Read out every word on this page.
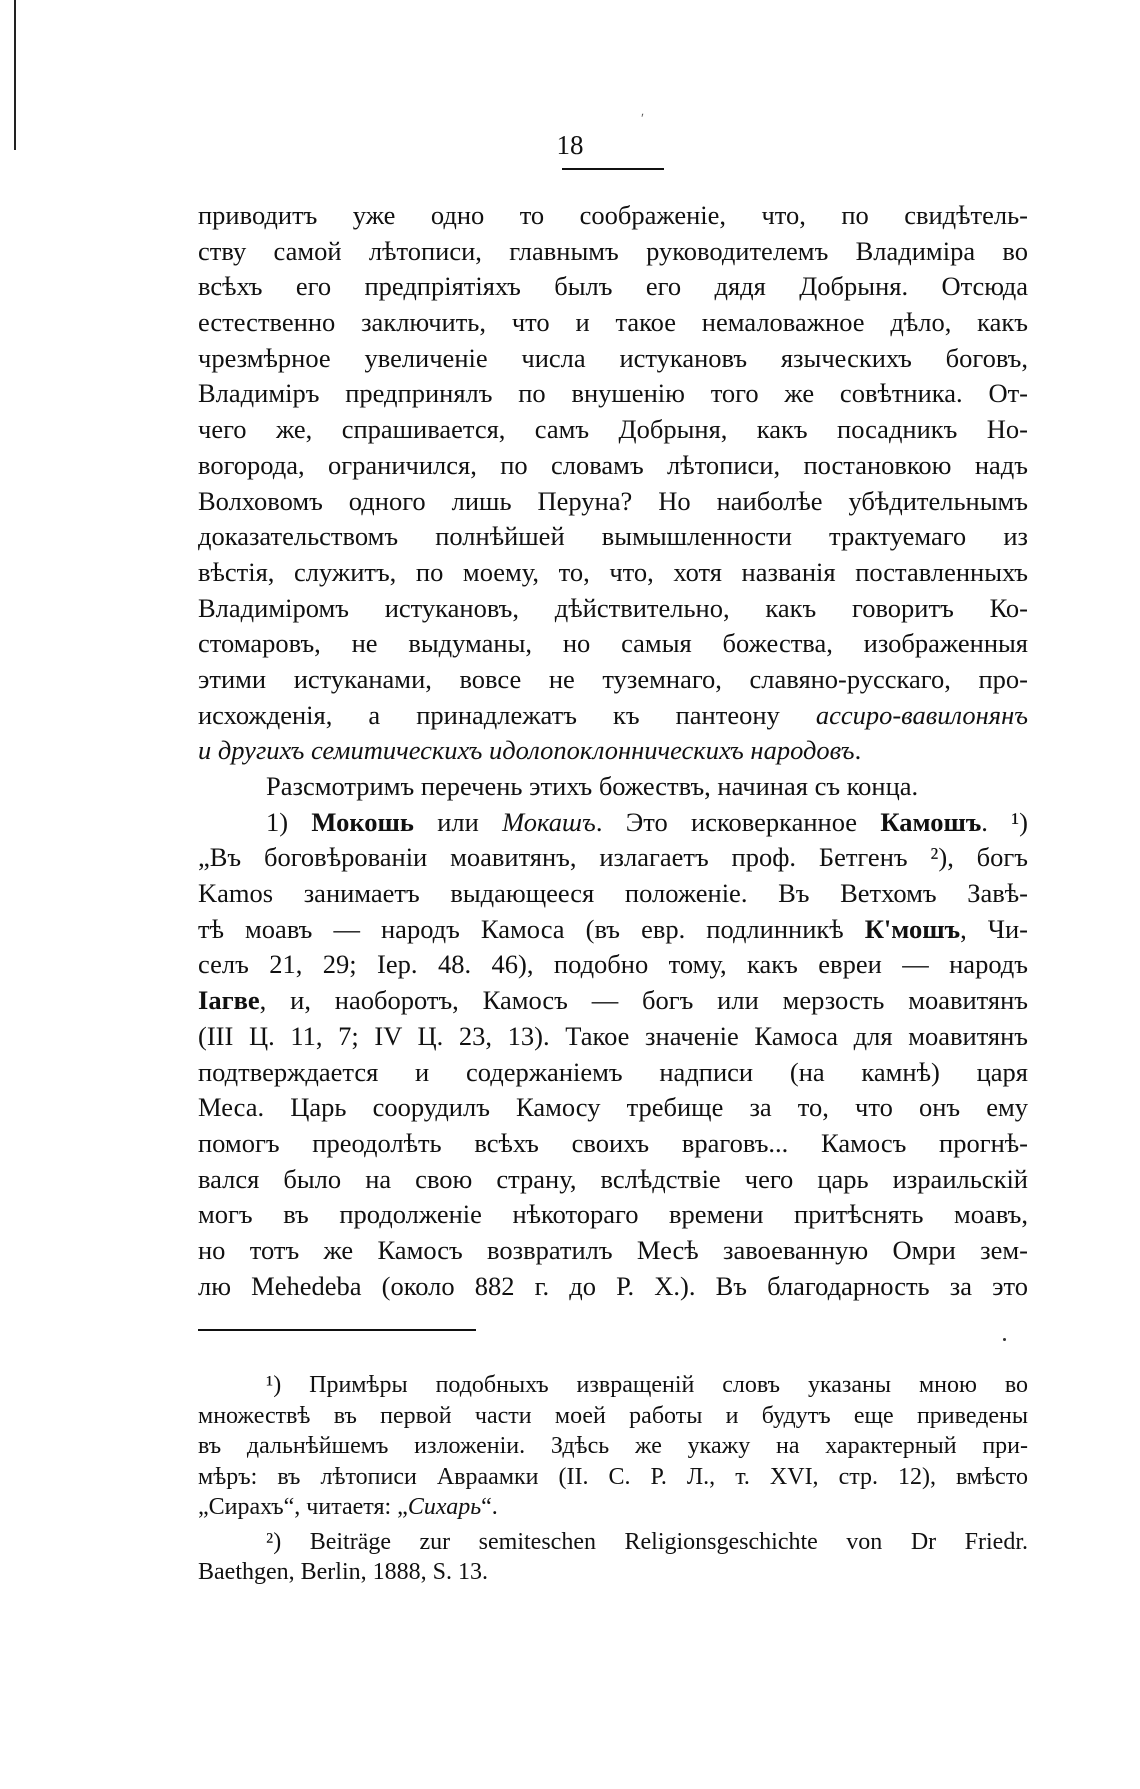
ʹ
18
приводитъ уже одно то соображеніе, что, по свидѣтель-
ству самой лѣтописи, главнымъ руководителемъ Владиміра во
всѣхъ его предпріятіяхъ былъ его дядя Добрыня. Отсюда
естественно заключить, что и такое немаловажное дѣло, какъ
чрезмѣрное увеличеніе числа истукановъ языческихъ боговъ,
Владиміръ предпринялъ по внушенію того же совѣтника. От-
чего же, спрашивается, самъ Добрыня, какъ посадникъ Но-
вогорода, ограничился, по словамъ лѣтописи, постановкою надъ
Волховомъ одного лишь Перуна? Но наиболѣе убѣдительнымъ
доказательствомъ полнѣйшей вымышленности трактуемаго из
вѣстія, служитъ, по моему, то, что, хотя названія поставленныхъ
Владиміромъ истукановъ, дѣйствительно, какъ говоритъ Ко-
стомаровъ, не выдуманы, но самыя божества, изображенныя
этими истуканами, вовсе не туземнаго, славяно-русскаго, про-
исхожденія, а принадлежатъ къ пантеону ассиро-вавилонянъ
и другихъ семитическихъ идолопоклонническихъ народовъ.
Разсмотримъ перечень этихъ божествъ, начиная съ конца.
1) Мокошь или Мокашъ. Это исковерканное Камошъ. ¹)
„Въ боговѣрованіи моавитянъ, излагаетъ проф. Бетгенъ ²), богъ
Kamos занимаетъ выдающееся положеніе. Въ Ветхомъ Завѣ-
тѣ моавъ — народъ Камоса (въ евр. подлинникѣ К'мошъ, Чи-
селъ 21, 29; Іер. 48. 46), подобно тому, какъ евреи — народъ
Іагве, и, наоборотъ, Камосъ — богъ или мерзость моавитянъ
(III Ц. 11, 7; IV Ц. 23, 13). Такое значеніе Камоса для моавитянъ
подтверждается и содержаніемъ надписи (на камнѣ) царя
Меса. Царь соорудилъ Камосу требище за то, что онъ ему
помогъ преодолѣть всѣхъ своихъ враговъ... Камосъ прогнѣ-
вался было на свою страну, вслѣдствіе чего царь израильскій
могъ въ продолженіе нѣкотораго времени притѣснять моавъ,
но тотъ же Камосъ возвратилъ Месѣ завоеванную Омри зем-
лю Mehedeba (около 882 г. до Р. Х.). Въ благодарность за это
¹) Примѣры подобныхъ извращеній словъ указаны мною во
множествѣ въ первой части моей работы и будутъ еще приведены
въ дальнѣйшемъ изложеніи. Здѣсь же укажу на характерный при-
мѣръ: въ лѣтописи Авраамки (II. С. Р. Л., т. XVI, стр. 12), вмѣсто
„Сирахъ“, читаетя: „Сихарь“.
²) Beiträge zur semiteschen Religionsgeschichte von Dr Friedr.
Baethgen, Berlin, 1888, S. 13.
